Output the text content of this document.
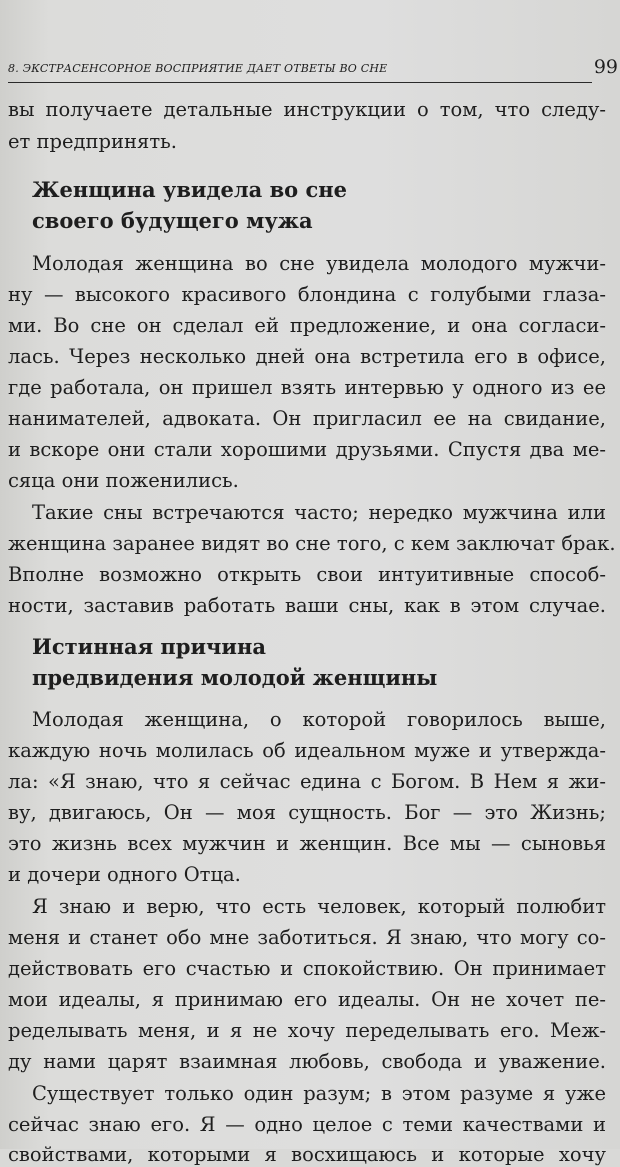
8. ЭКСТРАСЕНСОРНОЕ ВОСПРИЯТИЕ ДАЕТ ОТВЕТЫ ВО СНЕ	99
вы получаете детальные инструкции о том, что следу-
ет предпринять.
Женщина увидела во сне
своего будущего мужа
Молодая женщина во сне увидела молодого мужчи-
ну — высокого красивого блондина с голубыми глаза-
ми. Во сне он сделал ей предложение, и она согласи-
лась. Через несколько дней она встретила его в офисе,
где работала, он пришел взять интервью у одного из ее
нанимателей, адвоката. Он пригласил ее на свидание,
и вскоре они стали хорошими друзьями. Спустя два ме-
сяца они поженились.
Такие сны встречаются часто; нередко мужчина или
женщина заранее видят во сне того, с кем заключат брак.
Вполне возможно открыть свои интуитивные способ-
ности, заставив работать ваши сны, как в этом случае.
Истинная причина
предвидения молодой женщины
Молодая женщина, о которой говорилось выше,
каждую ночь молилась об идеальном муже и утвержда-
ла: «Я знаю, что я сейчас едина с Богом. В Нем я жи-
ву, двигаюсь, Он — моя сущность. Бог — это Жизнь;
это жизнь всех мужчин и женщин. Все мы — сыновья
и дочери одного Отца.
Я знаю и верю, что есть человек, который полюбит
меня и станет обо мне заботиться. Я знаю, что могу со-
действовать его счастью и спокойствию. Он принимает
мои идеалы, я принимаю его идеалы. Он не хочет пе-
ределывать меня, и я не хочу переделывать его. Меж-
ду нами царят взаимная любовь, свобода и уважение.
Существует только один разум; в этом разуме я уже
сейчас знаю его. Я — одно целое с теми качествами и
свойствами, которыми я восхищаюсь и которые хочу
